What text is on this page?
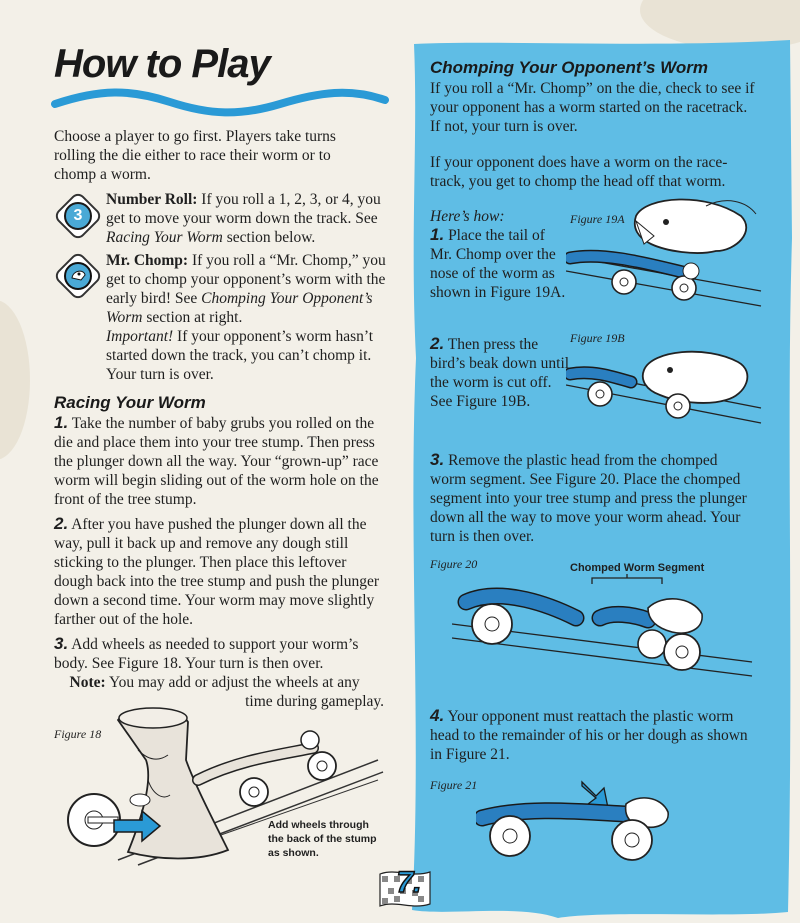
How to Play

Choose a player to go first. Players take turns rolling the die either to race their worm or to chomp a worm.

3

Number Roll: If you roll a 1, 2, 3, or 4, you get to move your worm down the track. See Racing Your Worm section below.

Mr. Chomp: If you roll a “Mr. Chomp,” you get to chomp your opponent’s worm with the early bird! See Chomping Your Opponent’s Worm section at right.
Important! If your opponent’s worm hasn’t started down the track, you can’t chomp it. Your turn is over.

Racing Your Worm

1. Take the number of baby grubs you rolled on the die and place them into your tree stump. Then press the plunger down all the way. Your “grown-up” race worm will begin sliding out of the worm hole on the front of the tree stump.

2. After you have pushed the plunger down all the way, pull it back up and remove any dough still sticking to the plunger. Then place this leftover dough back into the tree stump and push the plunger down a second time. Your worm may move slightly farther out of the hole.

3. Add wheels as needed to support your worm’s body. See Figure 18. Your turn is then over.
Note: You may add or adjust the wheels at any

time during gameplay.

Figure 18
Add wheels through the back of the stump as shown.
Chomping Your Opponent’s Worm

If you roll a “Mr. Chomp” on the die, check to see if your opponent has a worm started on the racetrack. If not, your turn is over.

If your opponent does have a worm on the race-track, you get to chomp the head off that worm.

Here’s how:

1. Place the tail of Mr. Chomp over the nose of the worm as shown in Figure 19A.

Figure 19A

2. Then press the bird’s beak down until the worm is cut off. See Figure 19B.

Figure 19B

3. Remove the plastic head from the chomped worm segment. See Figure 20. Place the chomped segment into your tree stump and press the plunger down all the way to move your worm ahead. Your turn is then over.

Figure 20	Chomped Worm Segment

4. Your opponent must reattach the plastic worm head to the remainder of his or her dough as shown in Figure 21.

Figure 21
7.
